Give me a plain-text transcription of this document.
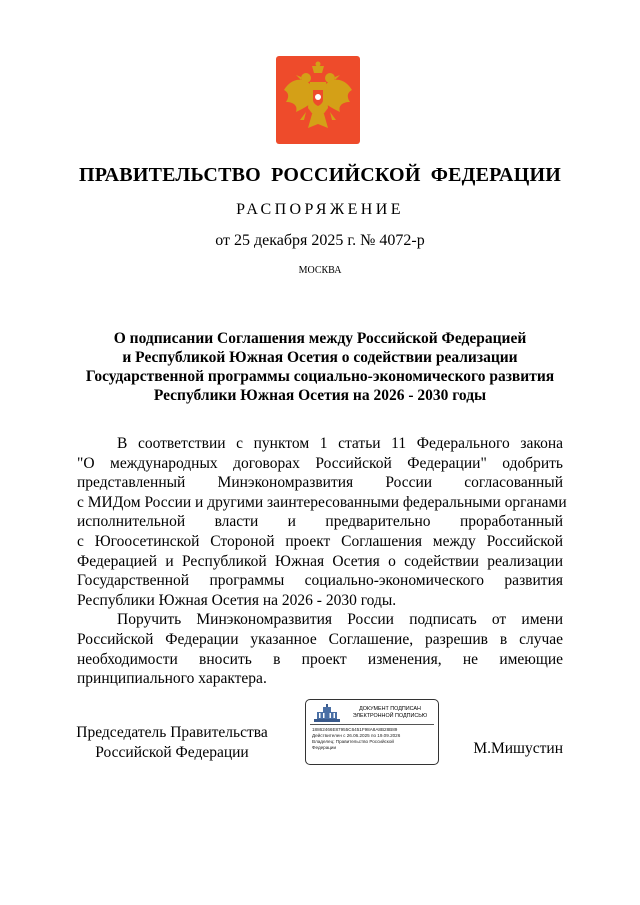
ПРАВИТЕЛЬСТВО РОССИЙСКОЙ ФЕДЕРАЦИИ
РАСПОРЯЖЕНИЕ
от 25 декабря 2025 г. № 4072-р
МОСКВА
О подписании Соглашения между Российской Федерацией
и Республикой Южная Осетия о содействии реализации
Государственной программы социально-экономического развития
Республики Южная Осетия на 2026 - 2030 годы
В соответствии с пунктом 1 статьи 11 Федерального закона
"О международных договорах Российской Федерации" одобрить
представленный Минэкономразвития России согласованный
с МИДом России и другими заинтересованными федеральными органами
исполнительной власти и предварительно проработанный
с Югоосетинской Стороной проект Соглашения между Российской
Федерацией и Республикой Южная Осетия о содействии реализации
Государственной программы социально-экономического развития
Республики Южная Осетия на 2026 - 2030 годы.
Поручить Минэкономразвития России подписать от имени
Российской Федерации указанное Соглашение, разрешив в случае
необходимости вносить в проект изменения, не имеющие
принципиального характера.
Председатель Правительства
Российской Федерации
ДОКУМЕНТ ПОДПИСАН
ЭЛЕКТРОННОЙ ПОДПИСЬЮ
18862466E87955C6451F98A8A8B28B89
Действителен с 26.06.2025 по 19.09.2026
Владелец: Правительство Российской
Федерации	М.Мишустин
